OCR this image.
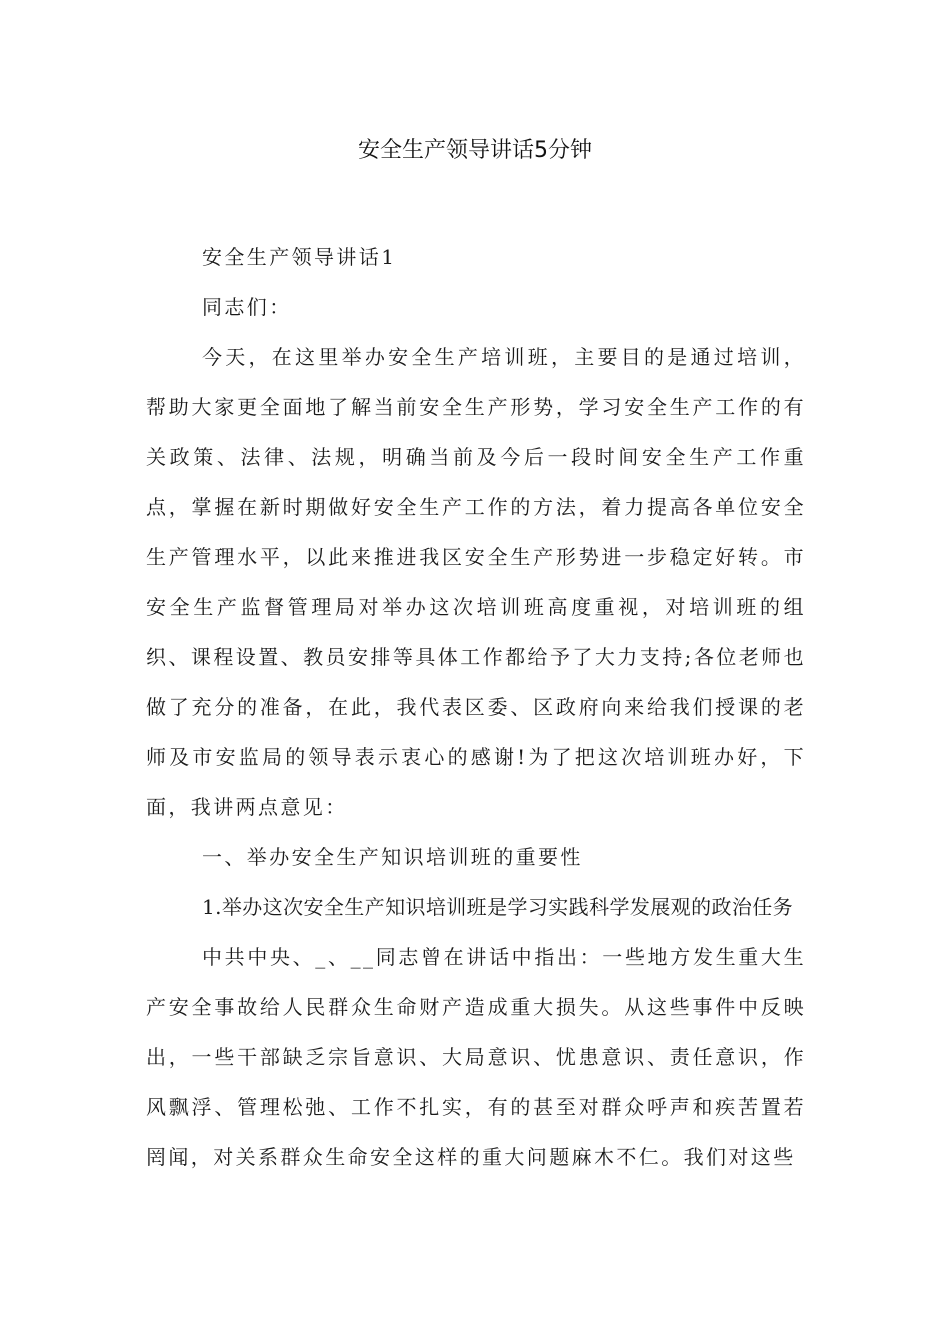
安全生产领导讲话5分钟

安全生产领导讲话1

同志们：

今天，在这里举办安全生产培训班，主要目的是通过培训，帮助大家更全面地了解当前安全生产形势，学习安全生产工作的有关政策、法律、法规，明确当前及今后一段时间安全生产工作重点，掌握在新时期做好安全生产工作的方法，着力提高各单位安全生产管理水平，以此来推进我区安全生产形势进一步稳定好转。市安全生产监督管理局对举办这次培训班高度重视，对培训班的组织、课程设置、教员安排等具体工作都给予了大力支持;各位老师也做了充分的准备，在此，我代表区委、区政府向来给我们授课的老师及市安监局的领导表示衷心的感谢!为了把这次培训班办好，下面，我讲两点意见：

一、举办安全生产知识培训班的重要性

1.举办这次安全生产知识培训班是学习实践科学发展观的政治任务

中共中央、_、__同志曾在讲话中指出：一些地方发生重大生产安全事故给人民群众生命财产造成重大损失。从这些事件中反映出，一些干部缺乏宗旨意识、大局意识、忧患意识、责任意识，作风飘浮、管理松弛、工作不扎实，有的甚至对群众呼声和疾苦置若罔闻，对关系群众生命安全这样的重大问题麻木不仁。我们对这些
